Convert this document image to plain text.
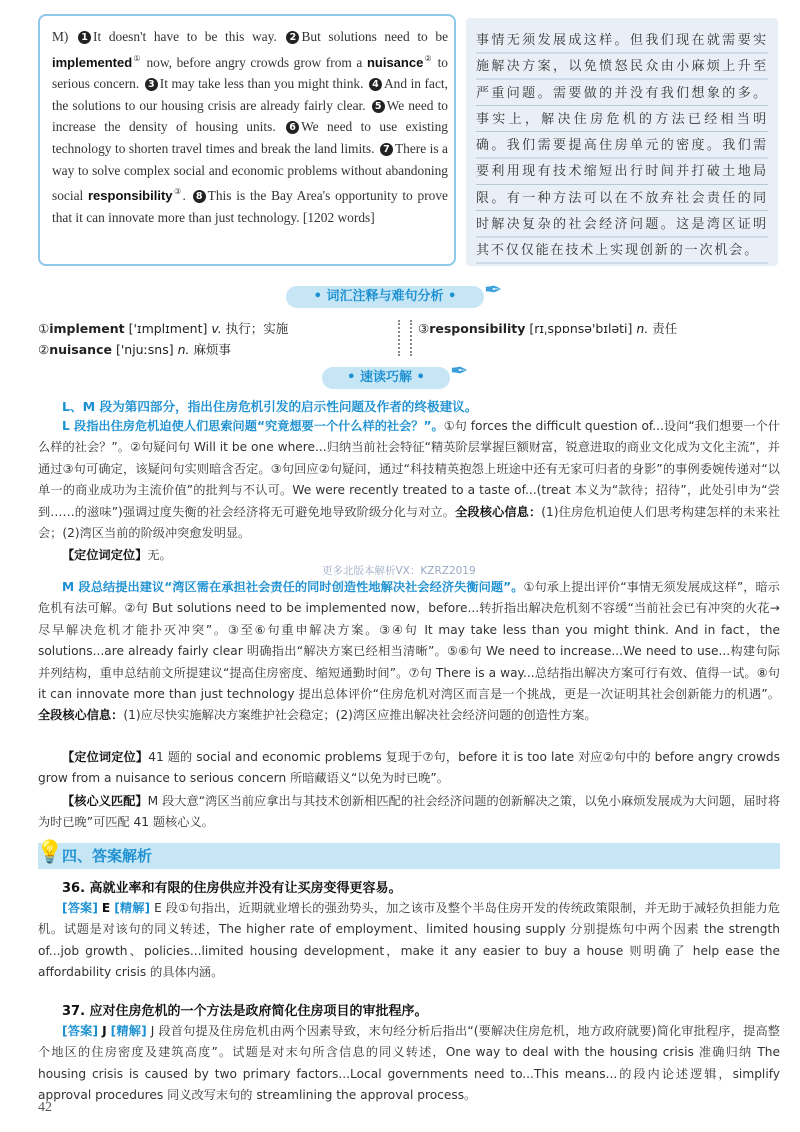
M) 1 It doesn't have to be this way. 2 But solutions need to be implemented① now, before angry crowds grow from a nuisance② to serious concern. 3 It may take less than you might think. 4 And in fact, the solutions to our housing crisis are already fairly clear. 5 We need to increase the density of housing units. 6 We need to use existing technology to shorten travel times and break the land limits. 7 There is a way to solve complex social and economic problems without abandoning social responsibility③. 8 This is the Bay Area's opportunity to prove that it can innovate more than just technology. [1202 words]
事情无须发展成这样。但我们现在就需要实施解决方案，以免愤怒民众由小麻烦上升至严重问题。需要做的并没有我们想象的多。事实上，解决住房危机的方法已经相当明确。我们需要提高住房单元的密度。我们需要利用现有技术缩短出行时间并打破土地局限。有一种方法可以在不放弃社会责任的同时解决复杂的社会经济问题。这是湾区证明其不仅仅能在技术上实现创新的一次机会。
• 词汇注释与难句分析 •	✒
①implement ['ɪmplɪment] v. 执行；实施
②nuisance ['njuːsns] n. 麻烦事
③responsibility [rɪˌspɒnsə'bɪləti] n. 责任
• 速读巧解 •	✒
L、M 段为第四部分，指出住房危机引发的启示性问题及作者的终极建议。
L 段指出住房危机迫使人们思索问题“究竟想要一个什么样的社会？”。①句 forces the difficult question of...设问“我们想要一个什么样的社会？”。②句疑问句 Will it be one where...归纳当前社会特征“精英阶层掌握巨额财富，锐意进取的商业文化成为文化主流”，并通过③句可确定，该疑问句实则暗含否定。③句回应②句疑问，通过“科技精英抱怨上班途中还有无家可归者的身影”的事例委婉传递对“以单一的商业成功为主流价值”的批判与不认可。We were recently treated to a taste of...(treat 本义为“款待；招待”，此处引申为“尝到……的滋味”)强调过度失衡的社会经济将无可避免地导致阶级分化与对立。全段核心信息：(1)住房危机迫使人们思考构建怎样的未来社会；(2)湾区当前的阶级冲突愈发明显。
【定位词定位】无。
更多北版本解析VX：KZRZ2019
M 段总结提出建议“湾区需在承担社会责任的同时创造性地解决社会经济失衡问题”。①句承上提出评价“事情无须发展成这样”，暗示危机有法可解。②句 But solutions need to be implemented now，before...转折指出解决危机刻不容缓“当前社会已有冲突的火花→尽早解决危机才能扑灭冲突”。③至⑥句重申解决方案。③④句 It may take less than you might think. And in fact，the solutions...are already fairly clear 明确指出“解决方案已经相当清晰”。⑤⑥句 We need to increase...We need to use...构建句际并列结构，重申总结前文所提建议“提高住房密度、缩短通勤时间”。⑦句 There is a way...总结指出解决方案可行有效、值得一试。⑧句 it can innovate more than just technology 提出总体评价“住房危机对湾区而言是一个挑战，更是一次证明其社会创新能力的机遇”。全段核心信息：(1)应尽快实施解决方案维护社会稳定；(2)湾区应推出解决社会经济问题的创造性方案。
【定位词定位】41 题的 social and economic problems 复现于⑦句，before it is too late 对应②句中的 before angry crowds grow from a nuisance to serious concern 所暗藏语义“以免为时已晚”。
【核心义匹配】M 段大意“湾区当前应拿出与其技术创新相匹配的社会经济问题的创新解决之策，以免小麻烦发展成为大问题，届时将为时已晚”可匹配 41 题核心义。
💡
四、答案解析
36. 高就业率和有限的住房供应并没有让买房变得更容易。
[答案] E [精解] E 段①句指出，近期就业增长的强劲势头，加之该市及整个半岛住房开发的传统政策限制，并无助于减轻负担能力危机。试题是对该句的同义转述，The higher rate of employment、limited housing supply 分别提炼句中两个因素 the strength of...job growth、policies...limited housing development，make it any easier to buy a house 则明确了 help ease the affordability crisis 的具体内涵。
37. 应对住房危机的一个方法是政府简化住房项目的审批程序。
[答案] J [精解] J 段首句提及住房危机由两个因素导致，末句经分析后指出“(要解决住房危机，地方政府就要)简化审批程序，提高整个地区的住房密度及建筑高度”。试题是对末句所含信息的同义转述，One way to deal with the housing crisis 准确归纳 The housing crisis is caused by two primary factors...Local governments need to...This means...的段内论述逻辑，simplify approval procedures 同义改写末句的 streamlining the approval process。
42
